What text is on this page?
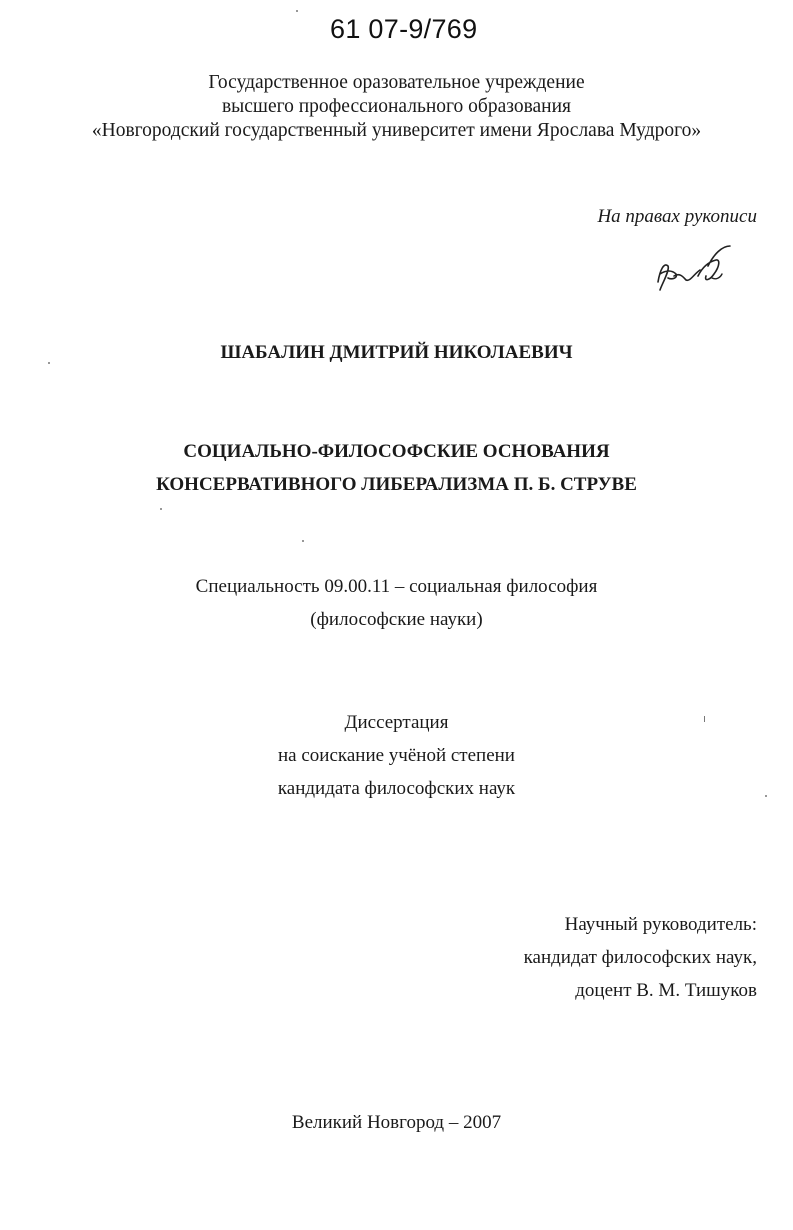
61 07-9/769
Государственное оразовательное учреждение
высшего профессионального образования
«Новгородский государственный университет имени Ярослава Мудрого»
На правах рукописи
ШАБАЛИН ДМИТРИЙ НИКОЛАЕВИЧ
СОЦИАЛЬНО-ФИЛОСОФСКИЕ ОСНОВАНИЯ
КОНСЕРВАТИВНОГО ЛИБЕРАЛИЗМА П. Б. СТРУВЕ
Специальность 09.00.11 – социальная философия
(философские науки)
Диссертация
на соискание учёной степени
кандидата философских наук
Научный руководитель:
кандидат философских наук,
доцент В. М. Тишуков
Великий Новгород – 2007
